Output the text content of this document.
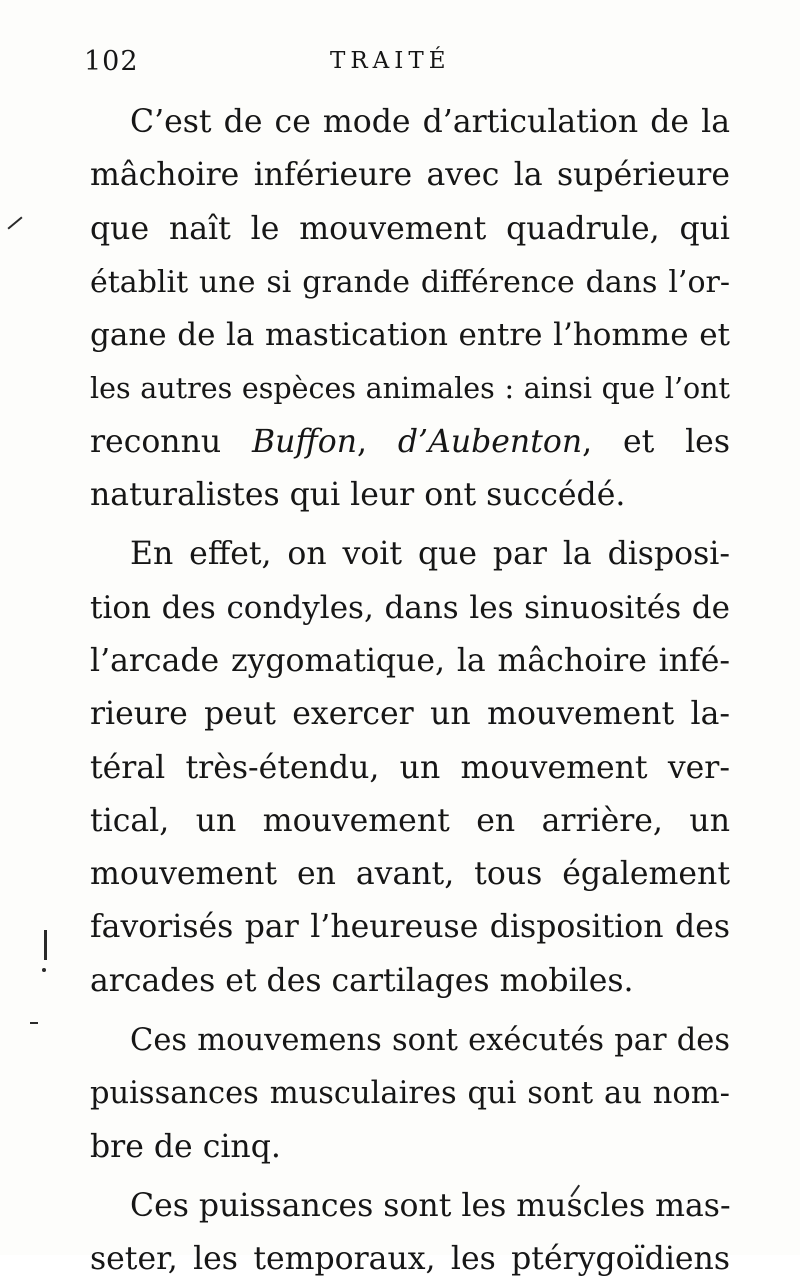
102	TRAITÉ
C’est de ce mode d’articulation de la
mâchoire inférieure avec la supérieure
que naît le mouvement quadrule, qui
établit une si grande différence dans l’or-
gane de la mastication entre l’homme et
les autres espèces animales : ainsi que l’ont
reconnu Buffon, d’Aubenton, et les
naturalistes qui leur ont succédé.
En effet, on voit que par la disposi-
tion des condyles, dans les sinuosités de
l’arcade zygomatique, la mâchoire infé-
rieure peut exercer un mouvement la-
téral très-étendu, un mouvement ver-
tical, un mouvement en arrière, un
mouvement en avant, tous également
favorisés par l’heureuse disposition des
arcades et des cartilages mobiles.
Ces mouvemens sont exécutés par des
puissances musculaires qui sont au nom-
bre de cinq.
Ces puissances sont les muscles mas-
seter, les temporaux, les ptérygoïdiens
